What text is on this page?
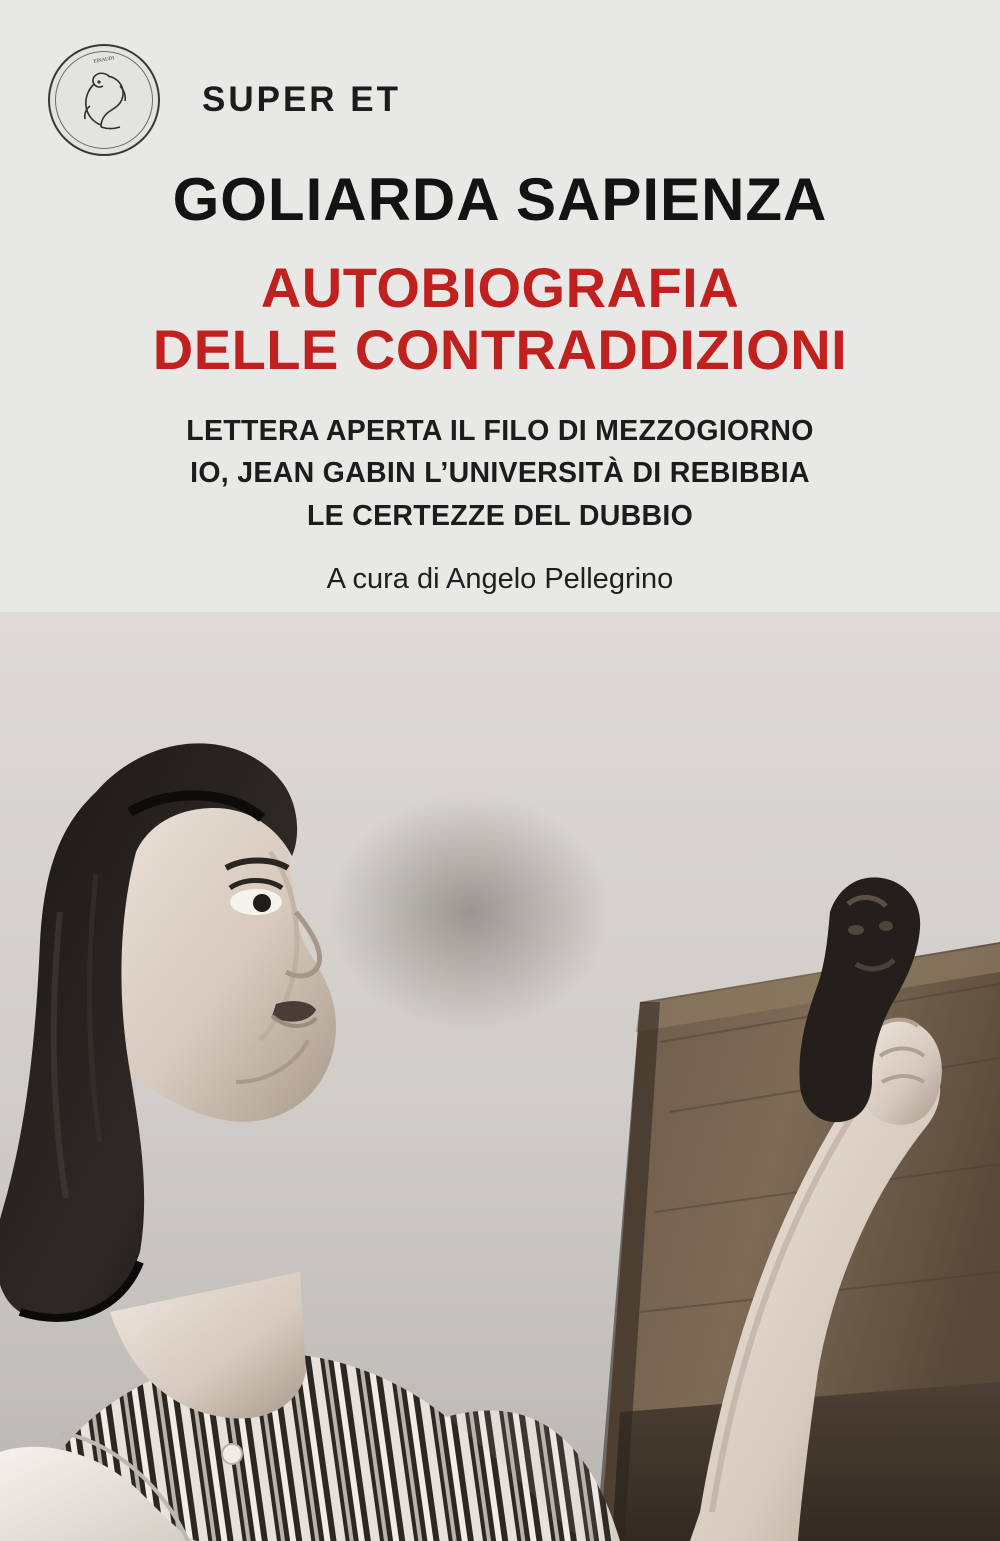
EINAUDI
SUPER ET
GOLIARDA SAPIENZA
AUTOBIOGRAFIA
DELLE CONTRADDIZIONI
LETTERA APERTA IL FILO DI MEZZOGIORNO
IO, JEAN GABIN L’UNIVERSITÀ DI REBIBBIA
LE CERTEZZE DEL DUBBIO
A cura di Angelo Pellegrino
